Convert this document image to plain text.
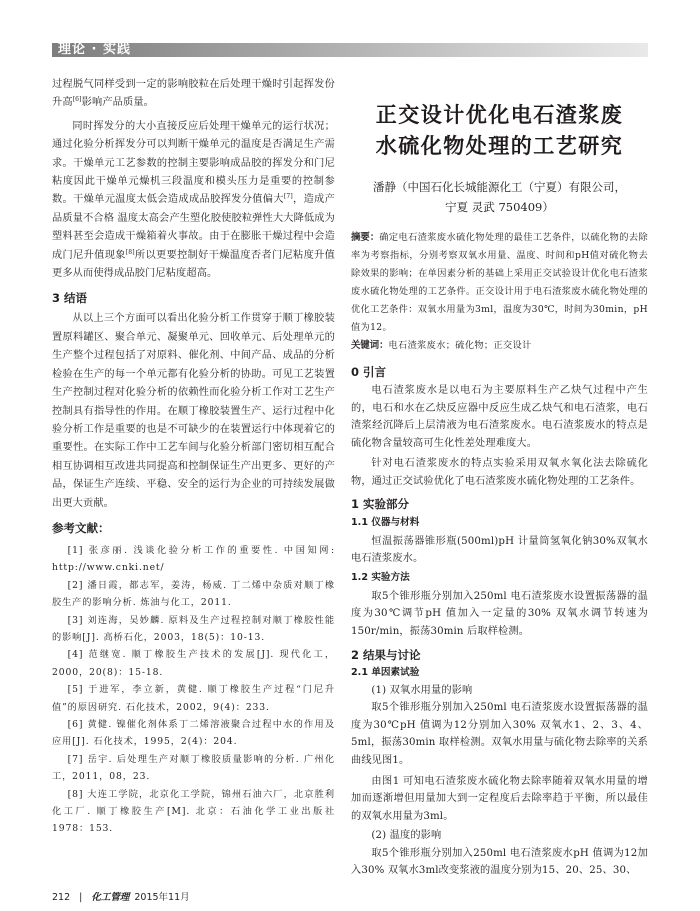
理论 · 实践

过程脱气同样受到一定的影响胶粒在后处理干燥时引起挥发份升高[6]影响产品质量。

同时挥发分的大小直接反应后处理干燥单元的运行状况；通过化验分析挥发分可以判断干燥单元的温度是否满足生产需求。干燥单元工艺参数的控制主要影响成品胶的挥发分和门尼粘度因此干燥单元燥机三段温度和模头压力是重要的控制参数。干燥单元温度太低会造成成品胶挥发分值偏大[7]，造成产品质量不合格 温度太高会产生塑化胶使胶粒弹性大大降低成为塑料甚至会造成干燥箱着火事故。由于在膨胀干燥过程中会造成门尼升值现象[8]所以更要控制好干燥温度否者门尼粘度升值更多从而使得成品胶门尼粘度超高。

3 结语

从以上三个方面可以看出化验分析工作贯穿于顺丁橡胶装置原料罐区、聚合单元、凝聚单元、回收单元、后处理单元的生产整个过程包括了对原料、催化剂、中间产品、成品的分析检验在生产的每一个单元都有化验分析的协助。可见工艺装置生产控制过程对化验分析的依赖性而化验分析工作对工艺生产控制具有指导性的作用。在顺丁橡胶装置生产、运行过程中化验分析工作是重要的也是不可缺少的在装置运行中体现着它的重要性。在实际工作中工艺车间与化验分析部门密切相互配合相互协调相互改进共同提高和控制保证生产出更多、更好的产品，保证生产连续、平稳、安全的运行为企业的可持续发展做出更大贡献。

参考文献：

[1] 张彦丽. 浅谈化验分析工作的重要性. 中国知网: http://www.cnki.net/

[2] 潘日霞，都志军，姜涛，杨威. 丁二烯中杂质对顺丁橡胶生产的影响分析. 炼油与化工，2011.

[3] 刘连海，吴妙麟. 原料及生产过程控制对顺丁橡胶性能的影响[J]. 高桥石化，2003，18(5)：10-13.

[4] 范继宽. 顺丁橡胶生产技术的发展[J]. 现代化工，2000，20(8)：15-18.

[5] 于进军，李立新，黄健. 顺丁橡胶生产过程“门尼升值”的原因研究. 石化技术，2002，9(4)：233.

[6] 黄健. 镍催化剂体系丁二烯溶液聚合过程中水的作用及应用[J]. 石化技术，1995，2(4)：204.

[7] 岳宇. 后处理生产对顺丁橡胶质量影响的分析. 广州化工，2011，08，23.

[8] 大连工学院，北京化工学院，锦州石油六厂，北京胜利化工厂. 顺丁橡胶生产[M]. 北京：石油化学工业出版社 1978：153.

正交设计优化电石渣浆废
水硫化物处理的工艺研究
潘静（中国石化长城能源化工（宁夏）有限公司，
宁夏 灵武 750409）

摘要：确定电石渣浆废水硫化物处理的最佳工艺条件，以硫化物的去除率为考察指标，分别考察双氧水用量、温度、时间和pH值对硫化物去除效果的影响；在单因素分析的基础上采用正交试验设计优化电石渣浆废水硫化物处理的工艺条件。正交设计用于电石渣浆废水硫化物处理的优化工艺条件：双氧水用量为3ml，温度为30℃，时间为30min，pH值为12。

关键词：电石渣浆废水；硫化物；正交设计

0 引言

电石渣浆废水是以电石为主要原料生产乙炔气过程中产生的，电石和水在乙炔反应器中反应生成乙炔气和电石渣浆，电石渣浆经沉降后上层清液为电石渣浆废水。电石渣浆废水的特点是硫化物含量较高可生化性差处理难度大。

针对电石渣浆废水的特点实验采用双氧水氧化法去除硫化物，通过正交试验优化了电石渣浆废水硫化物处理的工艺条件。

1 实验部分
1.1 仪器与材料

恒温振荡器锥形瓶(500ml)pH 计量筒氢氧化钠30%双氧水电石渣浆废水。

1.2 实验方法

取5个锥形瓶分别加入250ml 电石渣浆废水设置振荡器的温度为30℃调节pH 值加入一定量的30% 双氧水调节转速为150r/min，振荡30min 后取样检测。

2 结果与讨论
2.1 单因素试验

(1) 双氧水用量的影响

取5个锥形瓶分别加入250ml 电石渣浆废水设置振荡器的温度为30℃pH 值调为12分别加入30% 双氧水1、2、3、4、5ml，振荡30min 取样检测。双氧水用量与硫化物去除率的关系曲线见图1。

由图1 可知电石渣浆废水硫化物去除率随着双氧水用量的增加而逐渐增但用量加大到一定程度后去除率趋于平衡，所以最佳的双氧水用量为3ml。

(2) 温度的影响

取5个锥形瓶分别加入250ml 电石渣浆废水pH 值调为12加入30% 双氧水3ml改变浆液的温度分别为15、20、25、30、

212 | 化工管理 2015年11月
